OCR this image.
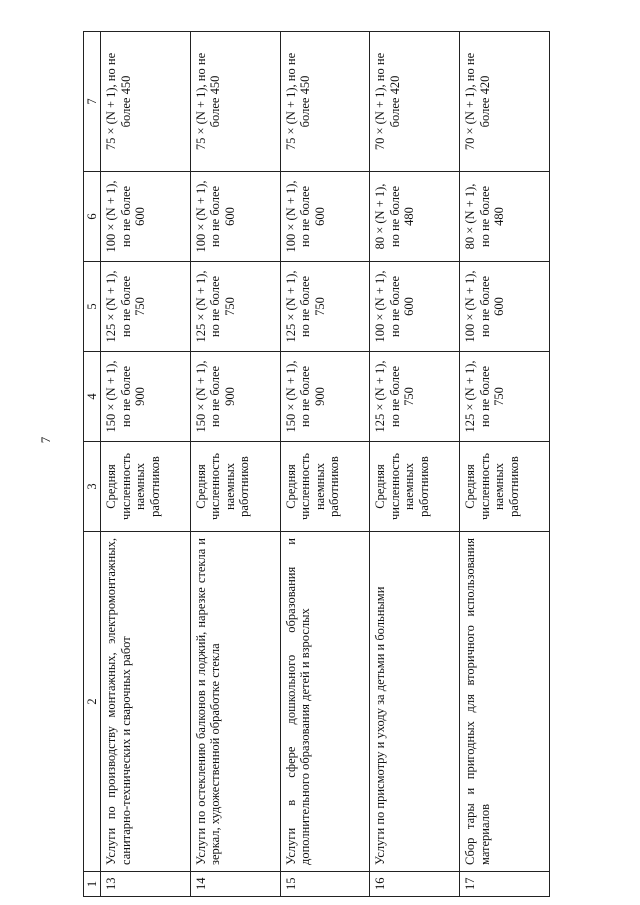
7
1	2	3	4	5	6	7
13	Услуги по производству монтажных, электромонтажных, санитарно-технических и сварочных работ	Средняя численность наемных работников	150 × (N + 1), но не более 900	125 × (N + 1), но не более 750	100 × (N + 1), но не более 600	75 × (N + 1), но не более 450
14	Услуги по остеклению балконов и лоджий, нарезке стекла и зеркал, художественной обработке стекла	Средняя численность наемных работников	150 × (N + 1), но не более 900	125 × (N + 1), но не более 750	100 × (N + 1), но не более 600	75 × (N + 1), но не более 450
15	Услуги в сфере дошкольного образования и дополнительного образования детей и взрослых	Средняя численность наемных работников	150 × (N + 1), но не более 900	125 × (N + 1), но не более 750	100 × (N + 1), но не более 600	75 × (N + 1), но не более 450
16	Услуги по присмотру и уходу за детьми и больными	Средняя численность наемных работников	125 × (N + 1), но не более 750	100 × (N + 1), но не более 600	80 × (N + 1), но не более 480	70 × (N + 1), но не более 420
17	Сбор тары и пригодных для вторичного использования материалов	Средняя численность наемных работников	125 × (N + 1), но не более 750	100 × (N + 1), но не более 600	80 × (N + 1), но не более 480	70 × (N + 1), но не более 420
